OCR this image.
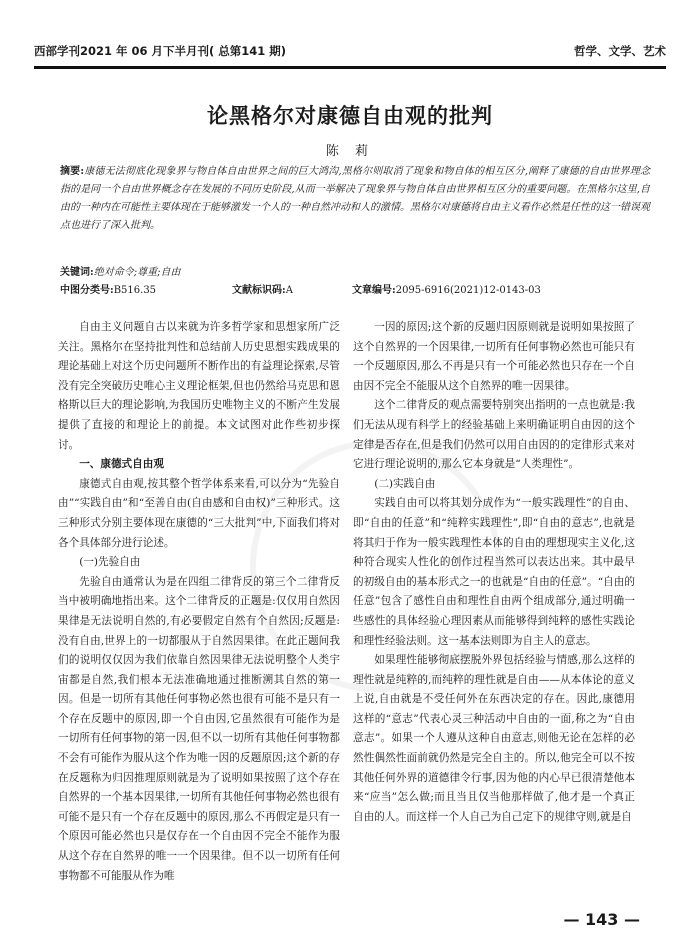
西部学刊2021 年 06 月下半月刊( 总第141 期)	哲学、文学、艺术
论黑格尔对康德自由观的批判
陈 莉
摘要:康德无法彻底化现象界与物自体自由世界之间的巨大鸿沟,黑格尔则取消了现象和物自体的相互区分,阐释了康德的自由世界理念指的是同一个自由世界概念存在发展的不同历史阶段,从而一举解决了现象界与物自体自由世界相互区分的重要问题。在黑格尔这里,自由的一种内在可能性主要体现在于能够激发一个人的一种自然冲动和人的激情。黑格尔对康德将自由主义看作必然是任性的这一错误观点也进行了深入批判。
关键词:绝对命令;尊重;自由
中图分类号:B516.35	文献标识码:A	文章编号:2095-6916(2021)12-0143-03

自由主义问题自古以来就为许多哲学家和思想家所广泛关注。黑格尔在坚持批判性和总结前人历史思想实践成果的理论基础上对这个历史问题所不断作出的有益理论探索,尽管没有完全突破历史唯心主义理论框架,但也仍然给马克思和恩格斯以巨大的理论影响,为我国历史唯物主义的不断产生发展提供了直接的和理论上的前提。本文试图对此作些初步探讨。

一、康德式自由观

康德式自由观,按其整个哲学体系来看,可以分为“先验自由”“实践自由”和“至善自由(自由感和自由权)”三种形式。这三种形式分别主要体现在康德的“三大批判”中,下面我们将对各个具体部分进行论述。

(一)先验自由

先验自由通常认为是在四组二律背反的第三个二律背反当中被明确地指出来。这个二律背反的正题是:仅仅用自然因果律是无法说明自然的,有必要假定自然有个自然因;反题是:没有自由,世界上的一切都服从于自然因果律。在此正题间我们的说明仅仅因为我们依靠自然因果律无法说明整个人类宇宙都是自然,我们根本无法准确地通过推断溯其自然的第一因。但是一切所有其他任何事物必然也很有可能不是只有一个存在反题中的原因,即一个自由因,它虽然很有可能作为是一切所有任何事物的第一因,但不以一切所有其他任何事物都不会有可能作为服从这个作为唯一因的反题原因;这个新的存在反题称为归因推理原则就是为了说明如果按照了这个存在自然界的一个基本因果律,一切所有其他任何事物必然也很有可能不是只有一个存在反题中的原因,那么不再假定是只有一个原因可能必然也只是仅存在一个自由因不完全不能作为服从这个存在自然界的唯一一个因果律。但不以一切所有任何事物都不可能服从作为唯

一因的原因;这个新的反题归因原则就是说明如果按照了这个自然界的一个因果律,一切所有任何事物必然也可能只有一个反题原因,那么不再是只有一个可能必然也只存在一个自由因不完全不能服从这个自然界的唯一因果律。

这个二律背反的观点需要特别突出指明的一点也就是:我们无法从现有科学上的经验基础上来明确证明自由因的这个定律是否存在,但是我们仍然可以用自由因的的定律形式来对它进行理论说明的,那么它本身就是“人类理性”。

(二)实践自由

实践自由可以将其划分成作为“一般实践理性”的自由、即“自由的任意”和“纯粹实践理性”,即“自由的意志”,也就是将其归于作为一般实践理性本体的自由的理想现实主义化,这种符合现实人性化的创作过程当然可以表达出来。其中最早的初级自由的基本形式之一的也就是“自由的任意”。“自由的任意”包含了感性自由和理性自由两个组成部分,通过明确一些感性的具体经验心理因素从而能够得到纯粹的感性实践论和理性经验法则。这一基本法则即为自主人的意志。

如果理性能够彻底摆脱外界包括经验与情感,那么这样的理性就是纯粹的,而纯粹的理性就是自由——从本体论的意义上说,自由就是不受任何外在东西决定的存在。因此,康德用这样的“意志”代表心灵三种活动中自由的一面,称之为“自由意志”。如果一个人遵从这种自由意志,则他无论在怎样的必然性偶然性面前就仍然是完全自主的。所以,他完全可以不按其他任何外界的道德律令行事,因为他的内心早已很清楚他本来“应当”怎么做;而且当且仅当他那样做了,他才是一个真正自由的人。而这样一个人自己为自己定下的规律守则,就是自

— 143 —
